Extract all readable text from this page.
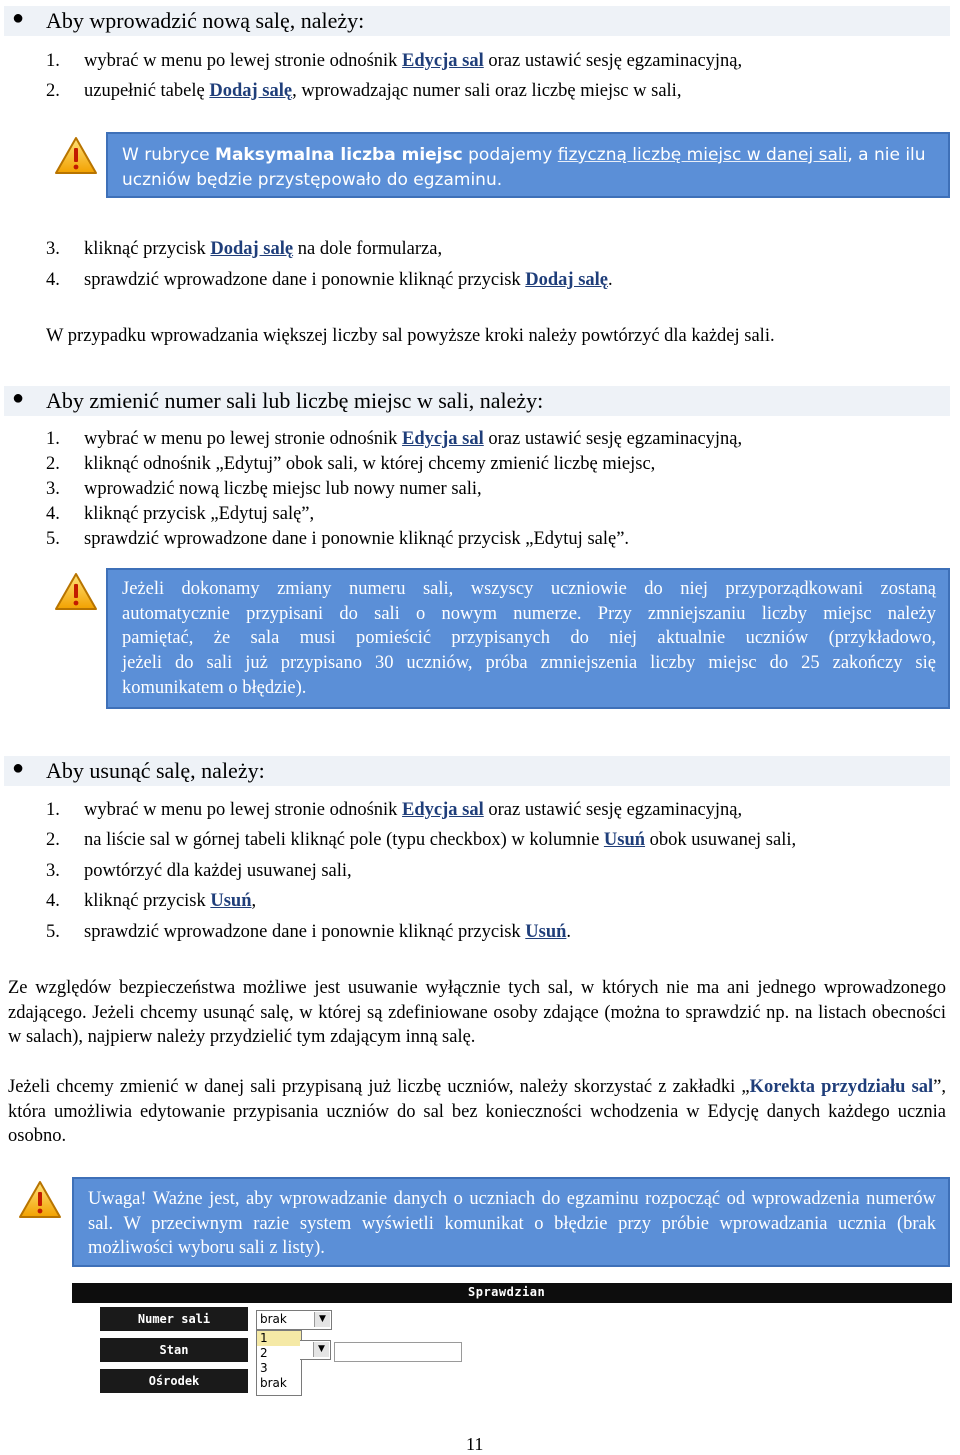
● Aby wprowadzić nową salę, należy:
1. wybrać w menu po lewej stronie odnośnik Edycja sal oraz ustawić sesję egzaminacyjną,
2. uzupełnić tabelę Dodaj salę, wprowadzając numer sali oraz liczbę miejsc w sali,
W rubryce Maksymalna liczba miejsc podajemy fizyczną liczbę miejsc w danej sali, a nie ilu
uczniów będzie przystępowało do egzaminu.
3. kliknąć przycisk Dodaj salę na dole formularza,
4. sprawdzić wprowadzone dane i ponownie kliknąć przycisk Dodaj salę.
W przypadku wprowadzania większej liczby sal powyższe kroki należy powtórzyć dla każdej sali.
● Aby zmienić numer sali lub liczbę miejsc w sali, należy:
1. wybrać w menu po lewej stronie odnośnik Edycja sal oraz ustawić sesję egzaminacyjną,
2. kliknąć odnośnik „Edytuj” obok sali, w której chcemy zmienić liczbę miejsc,
3. wprowadzić nową liczbę miejsc lub nowy numer sali,
4. kliknąć przycisk „Edytuj salę”,
5. sprawdzić wprowadzone dane i ponownie kliknąć przycisk „Edytuj salę”.
Jeżeli dokonamy zmiany numeru sali, wszyscy uczniowie do niej przyporządkowani zostaną
automatycznie przypisani do sali o nowym numerze. Przy zmniejszaniu liczby miejsc należy
pamiętać, że sala musi pomieścić przypisanych do niej aktualnie uczniów (przykładowo,
jeżeli do sali już przypisano 30 uczniów, próba zmniejszenia liczby miejsc do 25 zakończy się
komunikatem o błędzie).
● Aby usunąć salę, należy:
1. wybrać w menu po lewej stronie odnośnik Edycja sal oraz ustawić sesję egzaminacyjną,
2. na liście sal w górnej tabeli kliknąć pole (typu checkbox) w kolumnie Usuń obok usuwanej sali,
3. powtórzyć dla każdej usuwanej sali,
4. kliknąć przycisk Usuń,
5. sprawdzić wprowadzone dane i ponownie kliknąć przycisk Usuń.
Ze względów bezpieczeństwa możliwe jest usuwanie wyłącznie tych sal, w których nie ma ani jednego wprowadzonego zdającego. Jeżeli chcemy usunąć salę, w której są zdefiniowane osoby zdające (można to sprawdzić np. na listach obecności w salach), najpierw należy przydzielić tym zdającym inną salę.
Jeżeli chcemy zmienić w danej sali przypisaną już liczbę uczniów, należy skorzystać z zakładki „Korekta przydziału sal”, która umożliwia edytowanie przypisania uczniów do sal bez konieczności wchodzenia w Edycję danych każdego ucznia osobno.
Uwaga! Ważne jest, aby wprowadzanie danych o uczniach do egzaminu rozpocząć od wprowadzenia numerów sal. W przeciwnym razie system wyświetli komunikat o błędzie przy próbie wprowadzania ucznia (brak możliwości wyboru sali z listy).
Sprawdzian
Numer sali
Stan
Ośrodek
brak	▼
1
2
3
brak
▼
11
